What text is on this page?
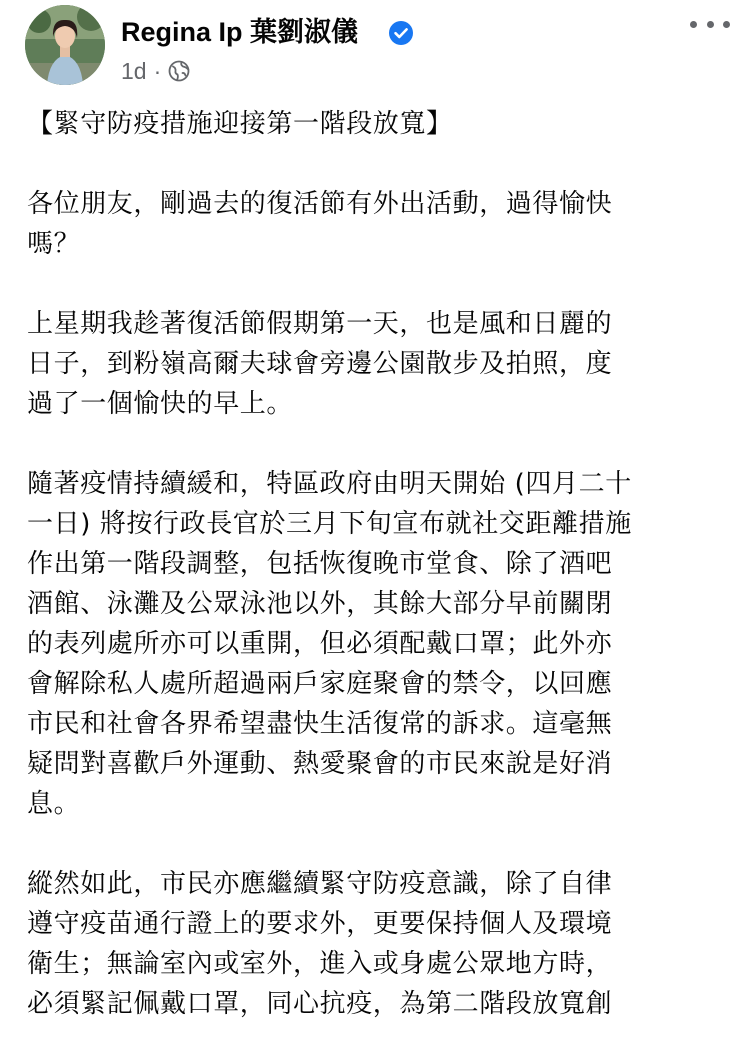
Regina Ip 葉劉淑儀
1d ·

【緊守防疫措施迎接第一階段放寬】

各位朋友，剛過去的復活節有外出活動，過得愉快
嗎？

上星期我趁著復活節假期第一天，也是風和日麗的
日子，到粉嶺高爾夫球會旁邊公園散步及拍照，度
過了一個愉快的早上。

隨著疫情持續緩和，特區政府由明天開始 (四月二十
一日) 將按行政長官於三月下旬宣布就社交距離措施
作出第一階段調整，包括恢復晚市堂食、除了酒吧
酒館、泳灘及公眾泳池以外，其餘大部分早前關閉
的表列處所亦可以重開，但必須配戴口罩；此外亦
會解除私人處所超過兩戶家庭聚會的禁令，以回應
市民和社會各界希望盡快生活復常的訴求。這毫無
疑問對喜歡戶外運動、熱愛聚會的市民來說是好消
息。

縱然如此，市民亦應繼續緊守防疫意識，除了自律
遵守疫苗通行證上的要求外，更要保持個人及環境
衛生；無論室內或室外，進入或身處公眾地方時，
必須緊記佩戴口罩，同心抗疫，為第二階段放寬創
